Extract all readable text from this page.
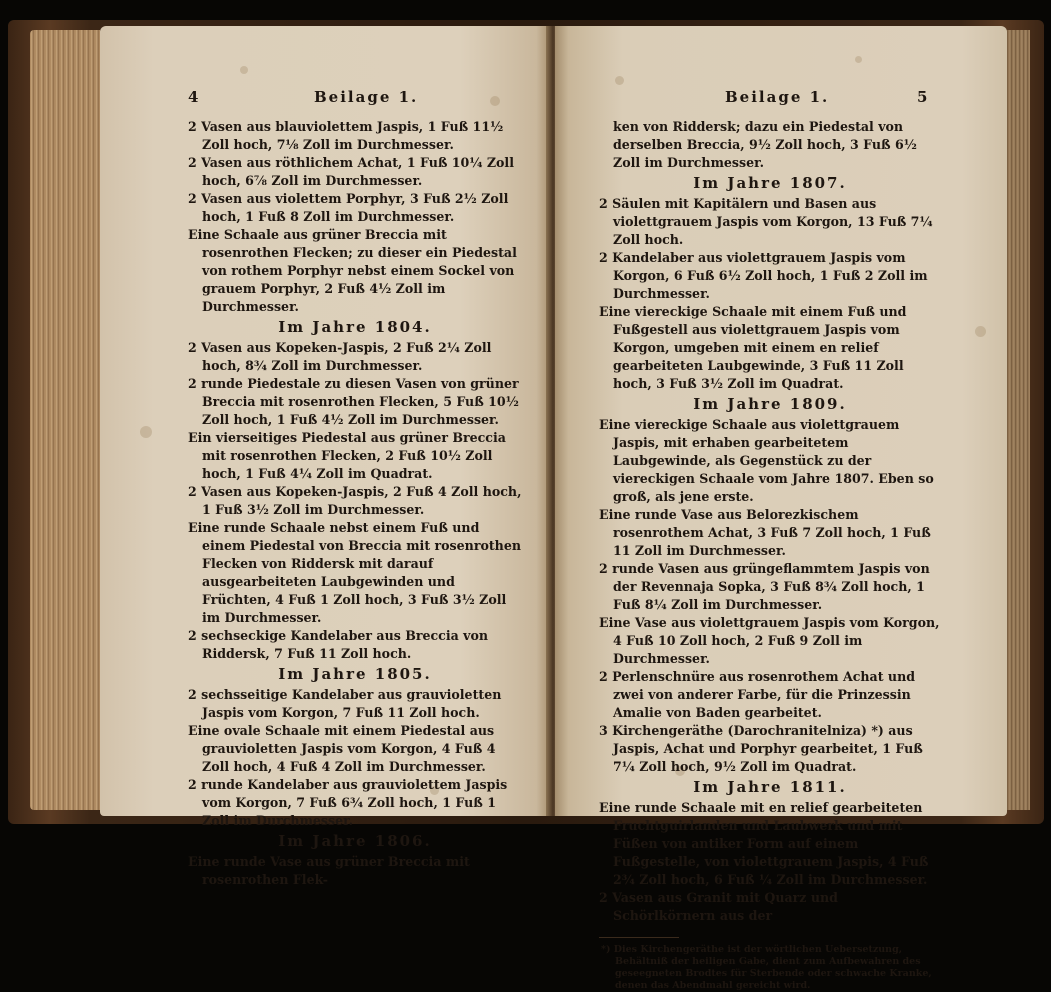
4	Beilage 1.

2 Vasen aus blauviolettem Jaspis, 1 Fuß 11½ Zoll hoch, 7⅛ Zoll im Durchmesser.

2 Vasen aus röthlichem Achat, 1 Fuß 10¼ Zoll hoch, 6⅞ Zoll im Durchmesser.

2 Vasen aus violettem Porphyr, 3 Fuß 2½ Zoll hoch, 1 Fuß 8 Zoll im Durchmesser.

Eine Schaale aus grüner Breccia mit rosenrothen Flecken; zu dieser ein Piedestal von rothem Porphyr nebst einem Sockel von grauem Porphyr, 2 Fuß 4½ Zoll im Durchmesser.

Im Jahre 1804.

2 Vasen aus Kopeken-Jaspis, 2 Fuß 2¼ Zoll hoch, 8¾ Zoll im Durchmesser.

2 runde Piedestale zu diesen Vasen von grüner Breccia mit rosenrothen Flecken, 5 Fuß 10½ Zoll hoch, 1 Fuß 4½ Zoll im Durchmesser.

Ein vierseitiges Piedestal aus grüner Breccia mit rosenrothen Flecken, 2 Fuß 10½ Zoll hoch, 1 Fuß 4¼ Zoll im Quadrat.

2 Vasen aus Kopeken-Jaspis, 2 Fuß 4 Zoll hoch, 1 Fuß 3½ Zoll im Durchmesser.

Eine runde Schaale nebst einem Fuß und einem Piedestal von Breccia mit rosenrothen Flecken von Riddersk mit darauf ausgearbeiteten Laubgewinden und Früchten, 4 Fuß 1 Zoll hoch, 3 Fuß 3½ Zoll im Durchmesser.

2 sechseckige Kandelaber aus Breccia von Riddersk, 7 Fuß 11 Zoll hoch.

Im Jahre 1805.

2 sechsseitige Kandelaber aus grauvioletten Jaspis vom Korgon, 7 Fuß 11 Zoll hoch.

Eine ovale Schaale mit einem Piedestal aus grauvioletten Jaspis vom Korgon, 4 Fuß 4 Zoll hoch, 4 Fuß 4 Zoll im Durchmesser.

2 runde Kandelaber aus grauviolettem Jaspis vom Korgon, 7 Fuß 6¾ Zoll hoch, 1 Fuß 1 Zoll im Durchmesser.

Im Jahre 1806.

Eine runde Vase aus grüner Breccia mit rosenrothen Flek-

Beilage 1.	5

ken von Riddersk; dazu ein Piedestal von derselben Breccia, 9½ Zoll hoch, 3 Fuß 6½ Zoll im Durchmesser.

Im Jahre 1807.

2 Säulen mit Kapitälern und Basen aus violettgrauem Jaspis vom Korgon, 13 Fuß 7¼ Zoll hoch.

2 Kandelaber aus violettgrauem Jaspis vom Korgon, 6 Fuß 6½ Zoll hoch, 1 Fuß 2 Zoll im Durchmesser.

Eine viereckige Schaale mit einem Fuß und Fußgestell aus violettgrauem Jaspis vom Korgon, umgeben mit einem en relief gearbeiteten Laubgewinde, 3 Fuß 11 Zoll hoch, 3 Fuß 3½ Zoll im Quadrat.

Im Jahre 1809.

Eine viereckige Schaale aus violettgrauem Jaspis, mit erhaben gearbeitetem Laubgewinde, als Gegenstück zu der viereckigen Schaale vom Jahre 1807. Eben so groß, als jene erste.

Eine runde Vase aus Belorezkischem rosenrothem Achat, 3 Fuß 7 Zoll hoch, 1 Fuß 11 Zoll im Durchmesser.

2 runde Vasen aus grüngeflammtem Jaspis von der Revennaja Sopka, 3 Fuß 8¾ Zoll hoch, 1 Fuß 8¼ Zoll im Durchmesser.

Eine Vase aus violettgrauem Jaspis vom Korgon, 4 Fuß 10 Zoll hoch, 2 Fuß 9 Zoll im Durchmesser.

2 Perlenschnüre aus rosenrothem Achat und zwei von anderer Farbe, für die Prinzessin Amalie von Baden gearbeitet.

3 Kirchengeräthe (Darochranitelniza) *) aus Jaspis, Achat und Porphyr gearbeitet, 1 Fuß 7¼ Zoll hoch, 9½ Zoll im Quadrat.

Im Jahre 1811.

Eine runde Schaale mit en relief gearbeiteten Fruchtguirlanden und Laubwerk und mit Füßen von antiker Form auf einem Fußgestelle, von violettgrauem Jaspis, 4 Fuß 2¾ Zoll hoch, 6 Fuß ¼ Zoll im Durchmesser.

2 Vasen aus Granit mit Quarz und Schörlkörnern aus der

*) Dies Kirchengeräthe ist der wörtlichen Uebersetzung, Behältniß der heiligen Gabe, dient zum Aufbewahren des geseegneten Brodtes für Sterbende oder schwache Kranke, denen das Abendmahl gereicht wird.
